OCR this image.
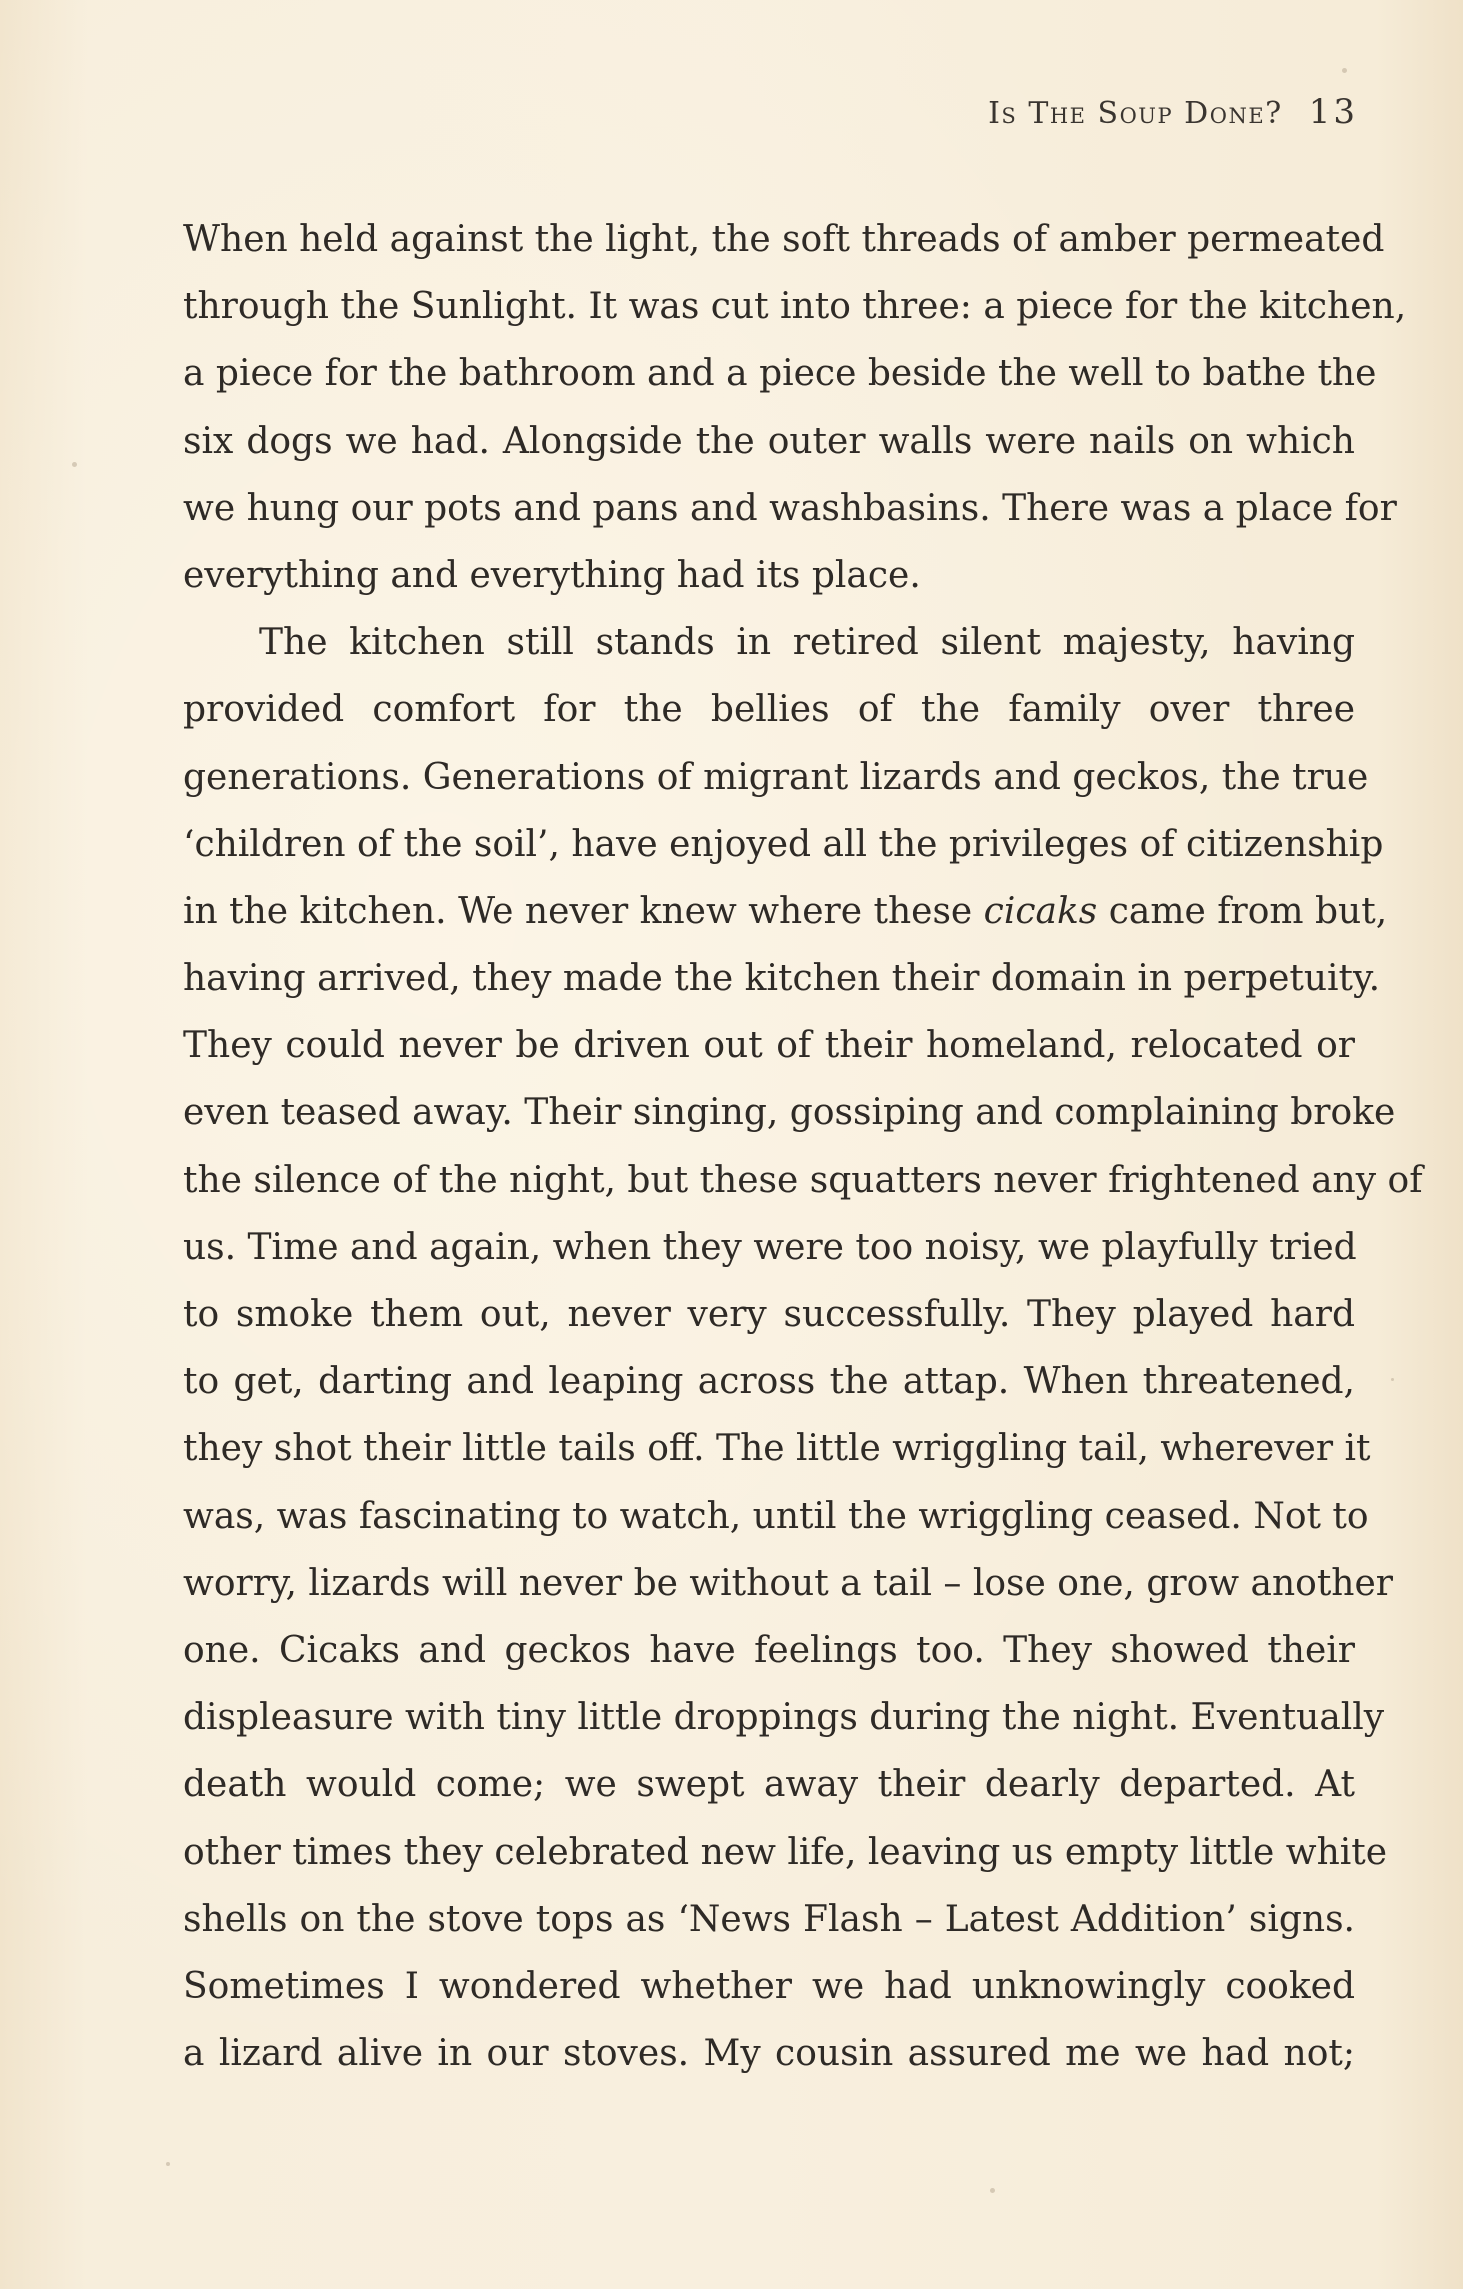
Is The Soup Done? 13
When held against the light, the soft threads of amber permeated
through the Sunlight. It was cut into three: a piece for the kitchen,
a piece for the bathroom and a piece beside the well to bathe the
six dogs we had. Alongside the outer walls were nails on which
we hung our pots and pans and washbasins. There was a place for
everything and everything had its place.
The kitchen still stands in retired silent majesty, having
provided comfort for the bellies of the family over three
generations. Generations of migrant lizards and geckos, the true
‘children of the soil’, have enjoyed all the privileges of citizenship
in the kitchen. We never knew where these cicaks came from but,
having arrived, they made the kitchen their domain in perpetuity.
They could never be driven out of their homeland, relocated or
even teased away. Their singing, gossiping and complaining broke
the silence of the night, but these squatters never frightened any of
us. Time and again, when they were too noisy, we playfully tried
to smoke them out, never very successfully. They played hard
to get, darting and leaping across the attap. When threatened,
they shot their little tails off. The little wriggling tail, wherever it
was, was fascinating to watch, until the wriggling ceased. Not to
worry, lizards will never be without a tail – lose one, grow another
one. Cicaks and geckos have feelings too. They showed their
displeasure with tiny little droppings during the night. Eventually
death would come; we swept away their dearly departed. At
other times they celebrated new life, leaving us empty little white
shells on the stove tops as ‘News Flash – Latest Addition’ signs.
Sometimes I wondered whether we had unknowingly cooked
a lizard alive in our stoves. My cousin assured me we had not;
